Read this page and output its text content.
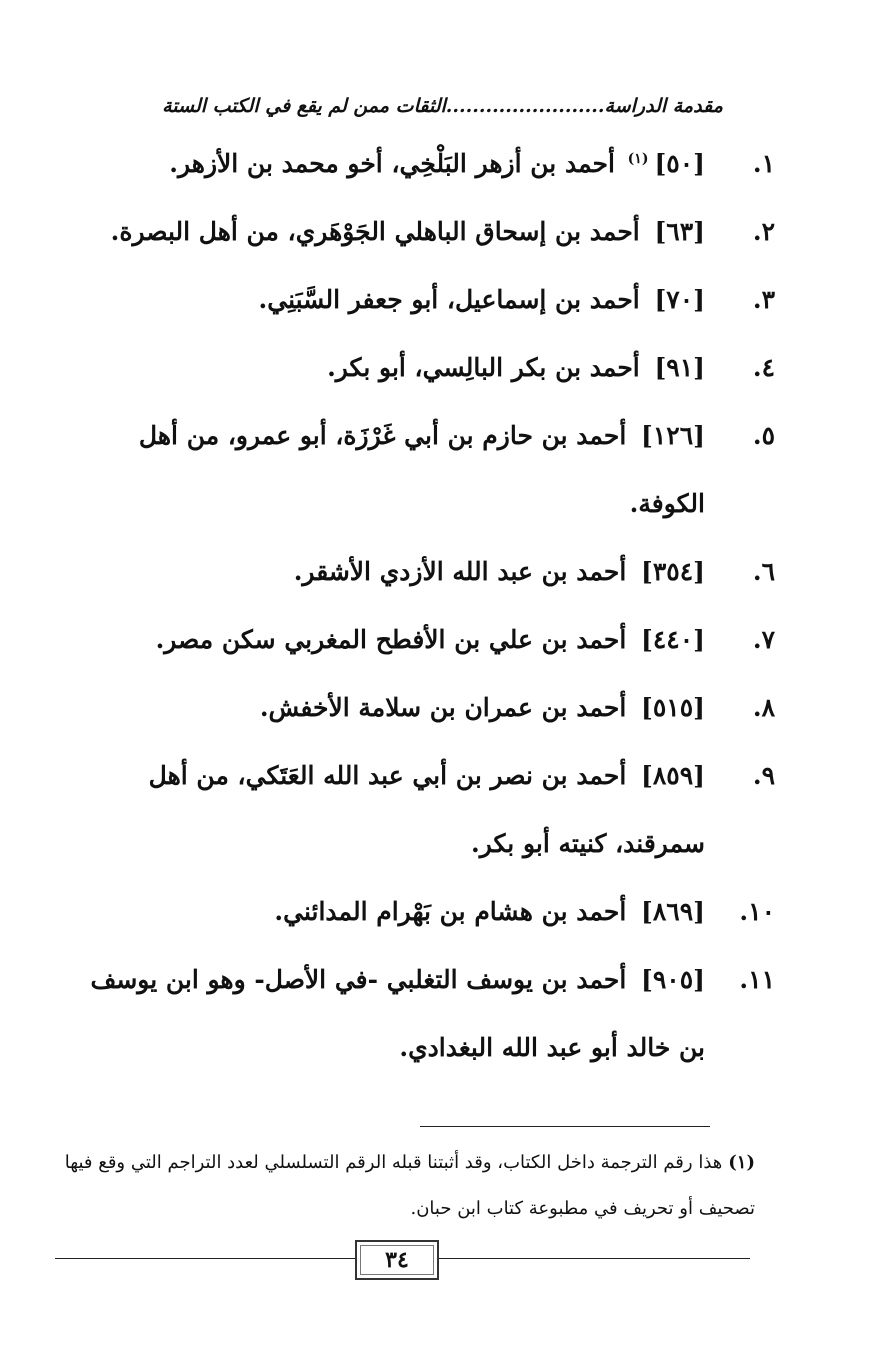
مقدمة الدراسة........................الثقات ممن لم يقع في الكتب الستة
١.
[٥٠]$^{(١)}$ أحمد بن أزهر البَلْخِي، أخو محمد بن الأزهر.
٢.
[٦٣] أحمد بن إسحاق الباهلي الجَوْهَري، من أهل البصرة.
٣.
[٧٠] أحمد بن إسماعيل، أبو جعفر السَّبَنِي.
٤.
[٩١] أحمد بن بكر البالِسي، أبو بكر.
٥.
[١٢٦] أحمد بن حازم بن أبي غَرْزَة، أبو عمرو، من أهل الكوفة.
٦.
[٣٥٤] أحمد بن عبد الله الأزدي الأشقر.
٧.
[٤٤٠] أحمد بن علي بن الأفطح المغربي سكن مصر.
٨.
[٥١٥] أحمد بن عمران بن سلامة الأخفش.
٩.
[٨٥٩] أحمد بن نصر بن أبي عبد الله العَتَكي، من أهل سمرقند، كنيته أبو بكر.
١٠.
[٨٦٩] أحمد بن هشام بن بَهْرام المدائني.
١١.
[٩٠٥] أحمد بن يوسف التغلبي -في الأصل- وهو ابن يوسف بن خالد أبو عبد الله البغدادي.

(١)هذا رقم الترجمة داخل الكتاب، وقد أثبتنا قبله الرقم التسلسلي لعدد التراجم التي وقع فيها تصحيف أو تحريف في مطبوعة كتاب ابن حبان.

٣٤
